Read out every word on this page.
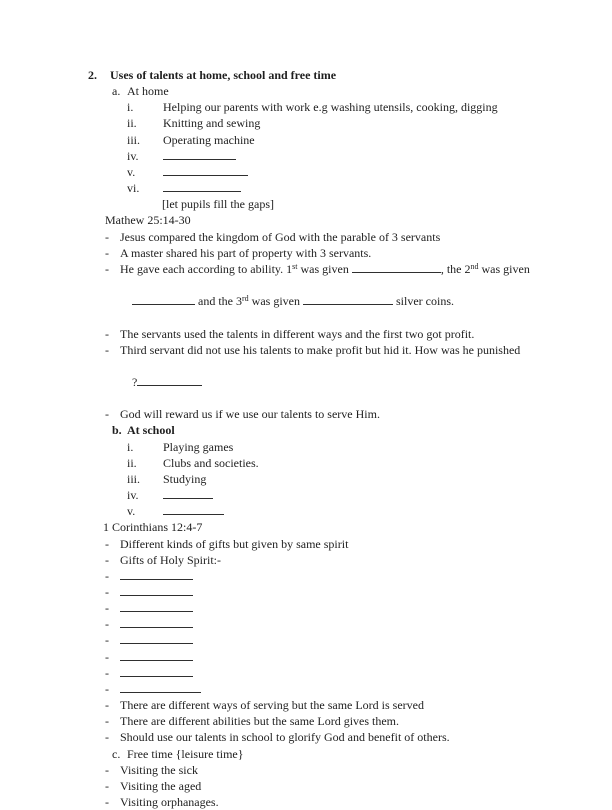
2.	Uses of talents at home, school and free time
a. At home
i.	Helping our parents with work e.g washing utensils, cooking, digging
ii.	Knitting and sewing
iii.	Operating machine
iv.
v.
vi.
[let pupils fill the gaps]
Mathew 25:14-30
- Jesus compared the kingdom of God with the parable of 3 servants
- A master shared his part of property with 3 servants.
- He gave each according to ability. 1st was given	, the 2nd was given

and the 3rd was given	silver coins.

- The servants used the talents in different ways and the first two got profit.
- Third servant did not use his talents to make profit but hid it. How was he punished

?

- God will reward us if we use our talents to serve Him.
b. At school
i.	Playing games
ii.	Clubs and societies.
iii.	Studying
iv.
v.
1 Corinthians 12:4-7
- Different kinds of gifts but given by same spirit
- Gifts of Holy Spirit:-
-
-
-
-
-
-
-
-
- There are different ways of serving but the same Lord is served
- There are different abilities but the same Lord gives them.
- Should use our talents in school to glorify God and benefit of others.
c. Free time {leisure time}
- Visiting the sick
- Visiting the aged
- Visiting orphanages.
